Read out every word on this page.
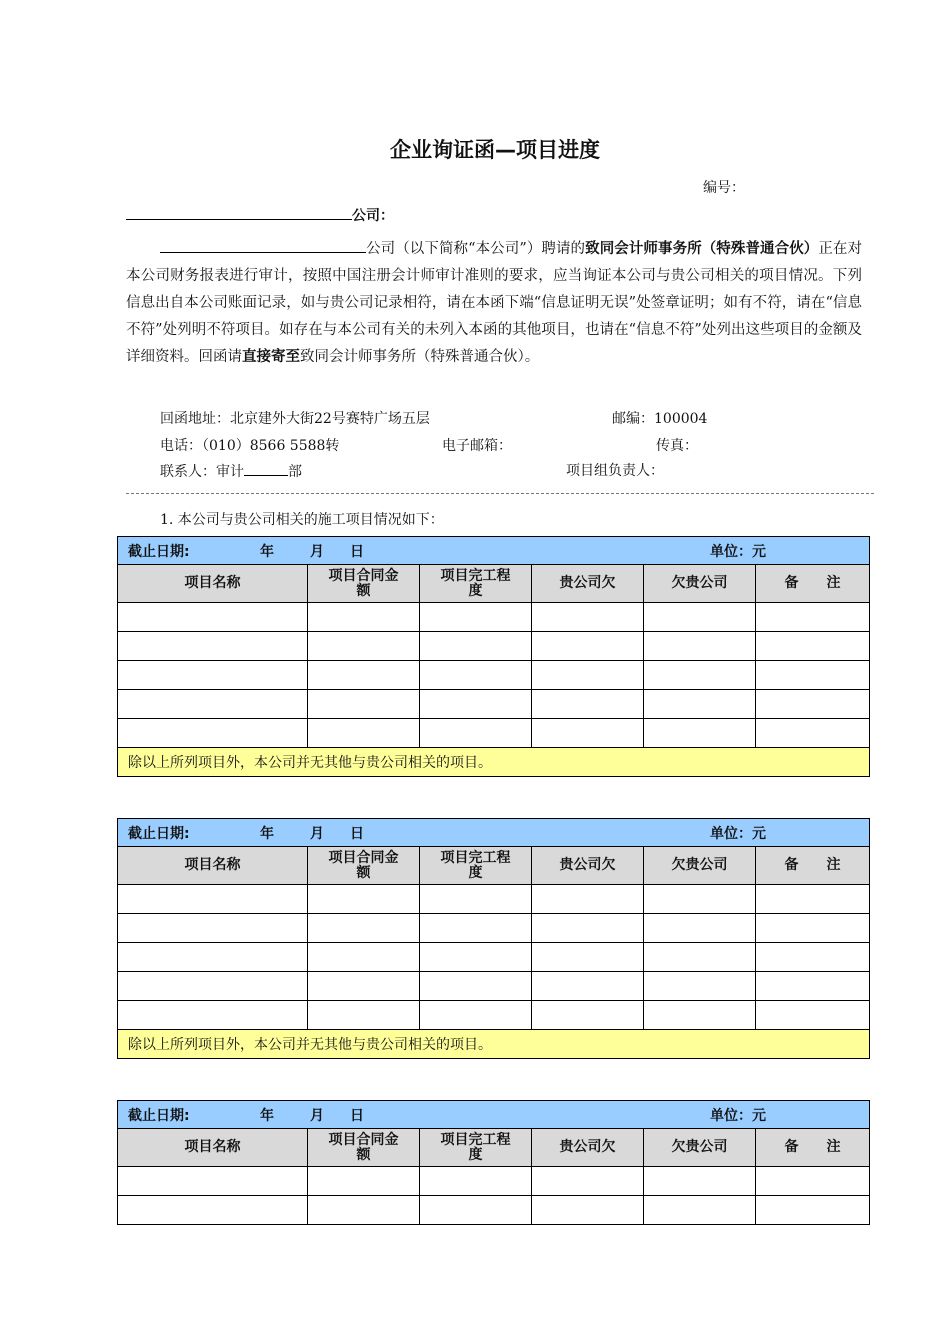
企业询证函—项目进度
编号：
公司：
公司（以下简称“本公司”）聘请的致同会计师事务所（特殊普通合伙）正在对本公司财务报表进行审计，按照中国注册会计师审计准则的要求，应当询证本公司与贵公司相关的项目情况。下列信息出自本公司账面记录，如与贵公司记录相符，请在本函下端“信息证明无误”处签章证明；如有不符，请在“信息不符”处列明不符项目。如存在与本公司有关的未列入本函的其他项目，也请在“信息不符”处列出这些项目的金额及详细资料。回函请直接寄至致同会计师事务所（特殊普通合伙）。
回函地址：北京建外大街22号赛特广场五层	邮编：100004
电话：（010）8566 5588转	电子邮箱：	传真：
联系人：审计	部	项目组负责人：
1. 本公司与贵公司相关的施工项目情况如下：
截止日期: 年 月 日 单位：元					

项目名称	项目合同金额	项目完工程度	贵公司欠	欠贵公司	备　　注

除以上所列项目外，本公司并无其他与贵公司相关的项目。					
截止日期: 年 月 日 单位：元					

项目名称	项目合同金额	项目完工程度	贵公司欠	欠贵公司	备　　注

除以上所列项目外，本公司并无其他与贵公司相关的项目。					
截止日期: 年 月 日 单位：元					

项目名称	项目合同金额	项目完工程度	贵公司欠	欠贵公司	备　　注
